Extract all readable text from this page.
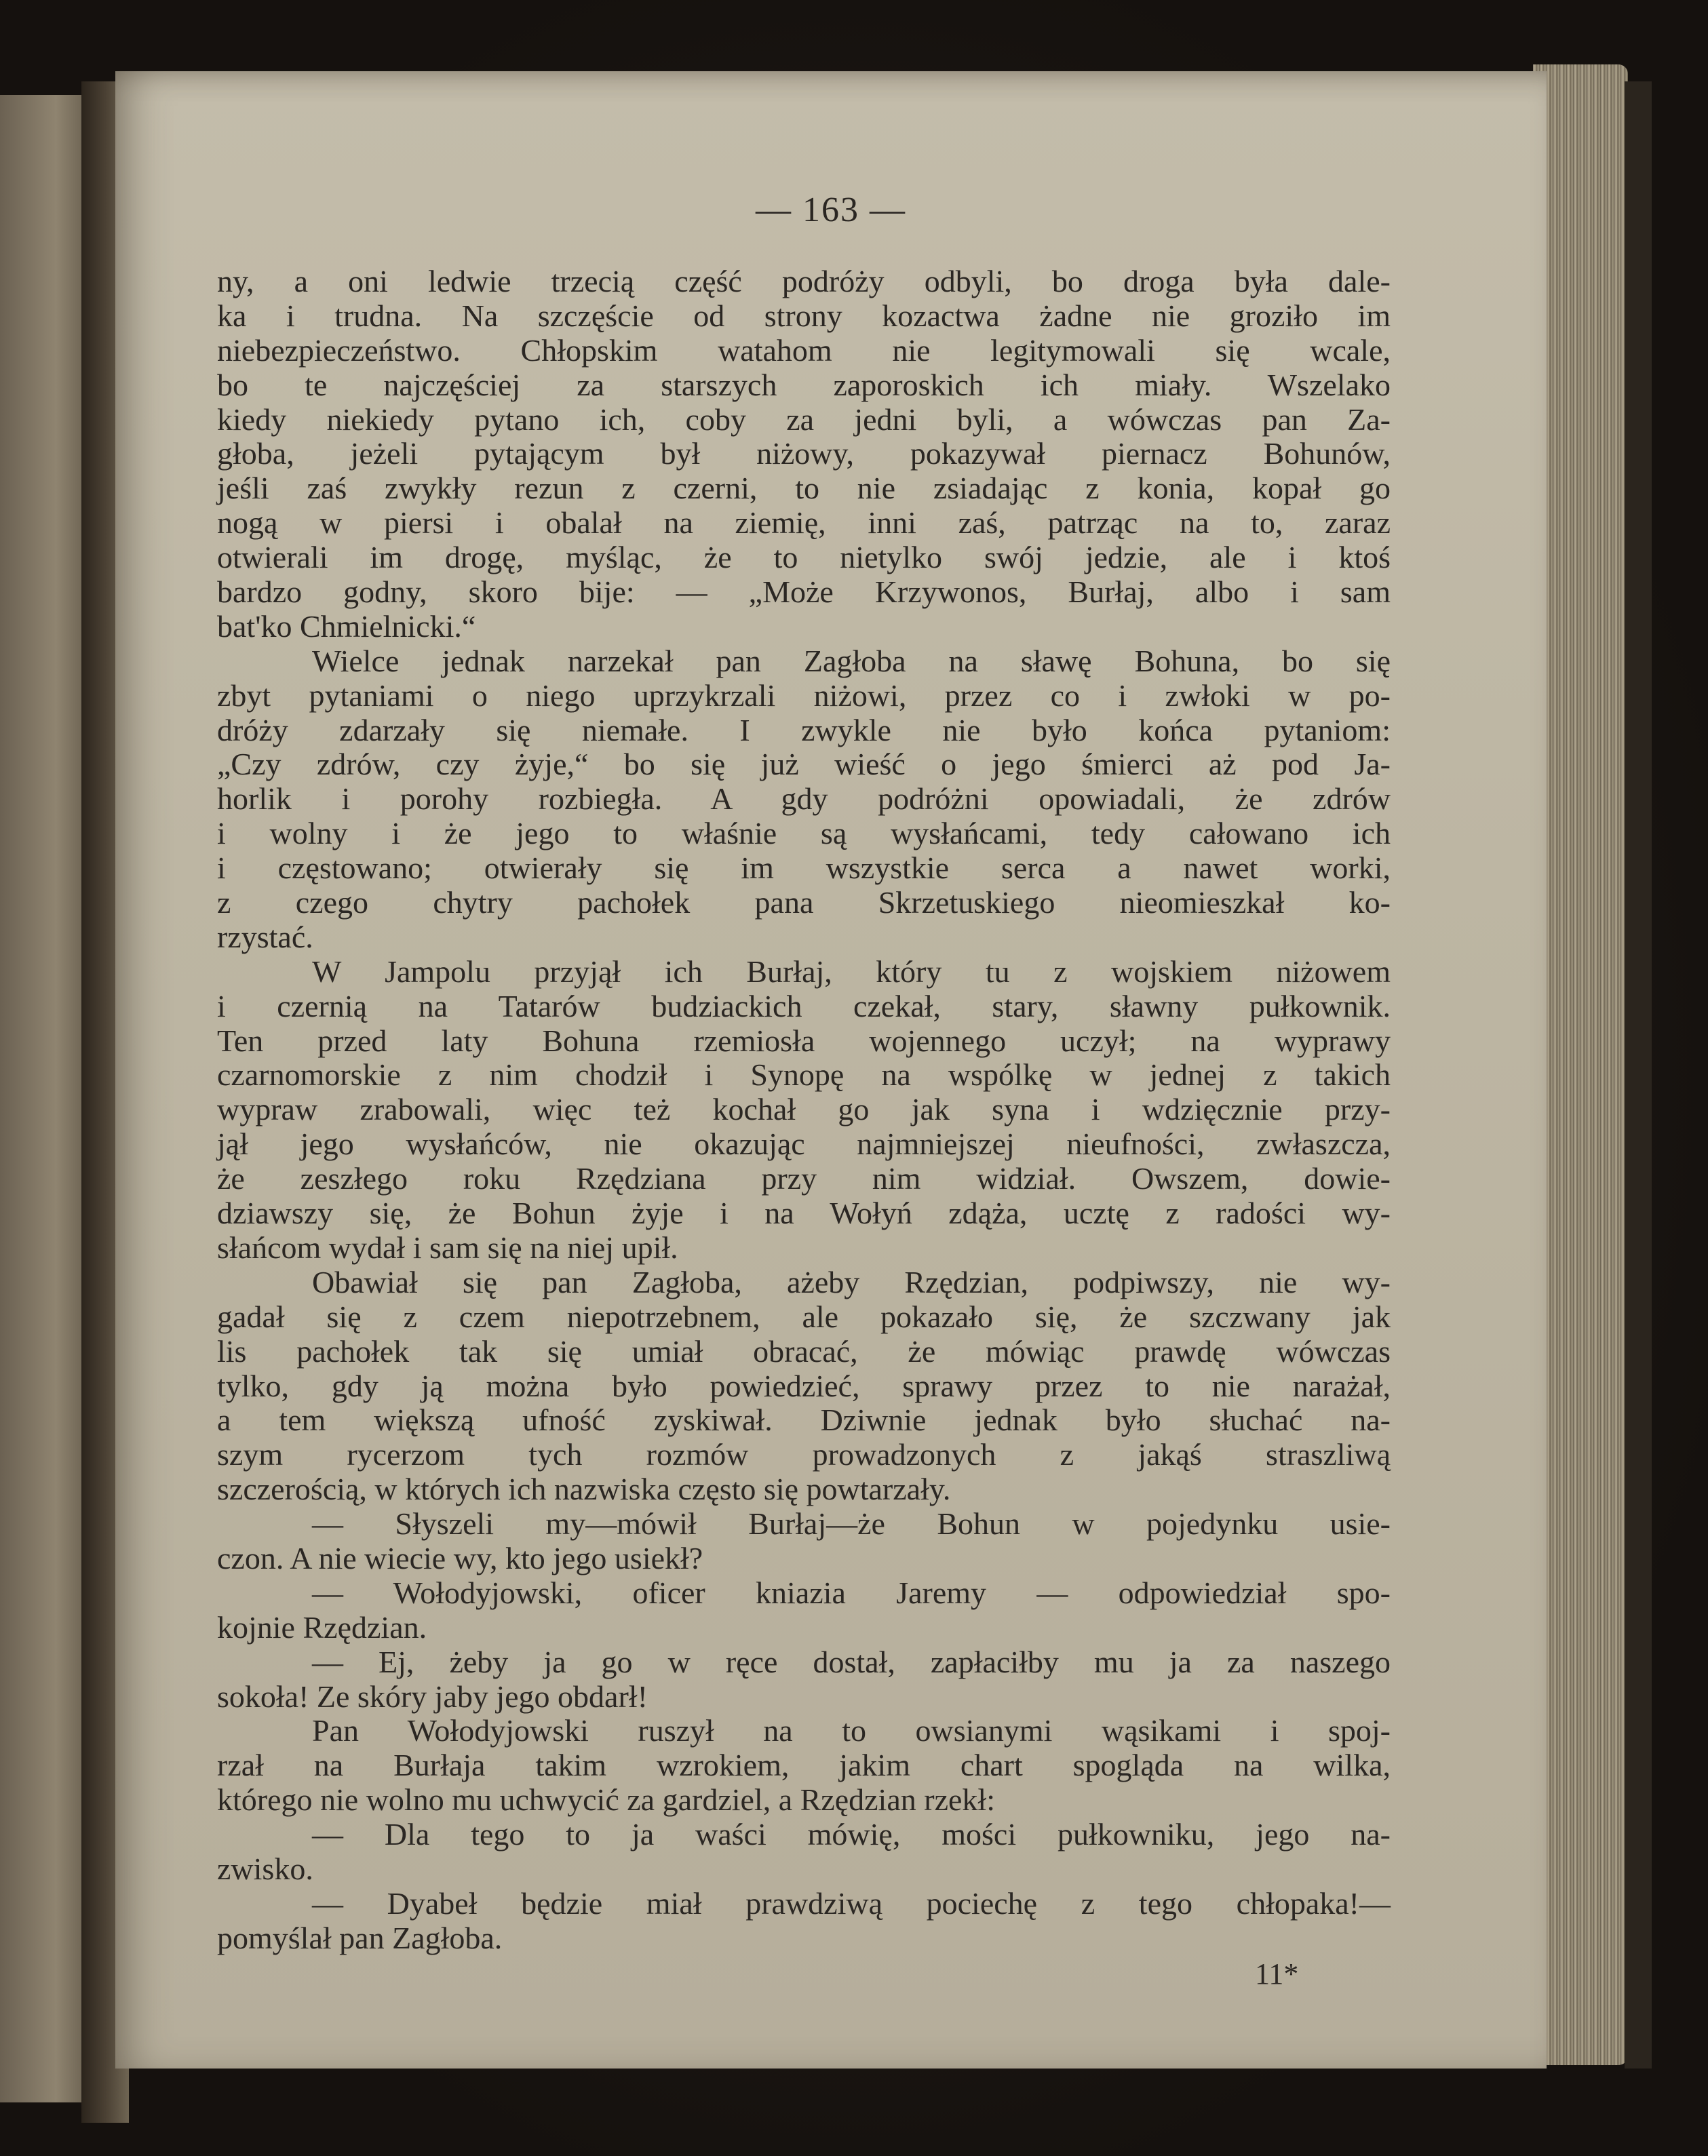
— 163 —
ny, a oni ledwie trzecią część podróży odbyli, bo droga była dale-
ka i trudna. Na szczęście od strony kozactwa żadne nie groziło im
niebezpieczeństwo. Chłopskim watahom nie legitymowali się wcale,
bo te najczęściej za starszych zaporoskich ich miały. Wszelako
kiedy niekiedy pytano ich, coby za jedni byli, a wówczas pan Za-
głoba, jeżeli pytającym był niżowy, pokazywał piernacz Bohunów,
jeśli zaś zwykły rezun z czerni, to nie zsiadając z konia, kopał go
nogą w piersi i obalał na ziemię, inni zaś, patrząc na to, zaraz
otwierali im drogę, myśląc, że to nietylko swój jedzie, ale i ktoś
bardzo godny, skoro bije: — „Może Krzywonos, Burłaj, albo i sam
bat'ko Chmielnicki.“
Wielce jednak narzekał pan Zagłoba na sławę Bohuna, bo się
zbyt pytaniami o niego uprzykrzali niżowi, przez co i zwłoki w po-
dróży zdarzały się niemałe. I zwykle nie było końca pytaniom:
„Czy zdrów, czy żyje,“ bo się już wieść o jego śmierci aż pod Ja-
horlik i porohy rozbiegła. A gdy podróżni opowiadali, że zdrów
i wolny i że jego to właśnie są wysłańcami, tedy całowano ich
i częstowano; otwierały się im wszystkie serca a nawet worki,
z czego chytry pachołek pana Skrzetuskiego nieomieszkał ko-
rzystać.
W Jampolu przyjął ich Burłaj, który tu z wojskiem niżowem
i czernią na Tatarów budziackich czekał, stary, sławny pułkownik.
Ten przed laty Bohuna rzemiosła wojennego uczył; na wyprawy
czarnomorskie z nim chodził i Synopę na wspólkę w jednej z takich
wypraw zrabowali, więc też kochał go jak syna i wdzięcznie przy-
jął jego wysłańców, nie okazując najmniejszej nieufności, zwłaszcza,
że zeszłego roku Rzędziana przy nim widział. Owszem, dowie-
dziawszy się, że Bohun żyje i na Wołyń zdąża, ucztę z radości wy-
słańcom wydał i sam się na niej upił.
Obawiał się pan Zagłoba, ażeby Rzędzian, podpiwszy, nie wy-
gadał się z czem niepotrzebnem, ale pokazało się, że szczwany jak
lis pachołek tak się umiał obracać, że mówiąc prawdę wówczas
tylko, gdy ją można było powiedzieć, sprawy przez to nie narażał,
a tem większą ufność zyskiwał. Dziwnie jednak było słuchać na-
szym rycerzom tych rozmów prowadzonych z jakąś straszliwą
szczerością, w których ich nazwiska często się powtarzały.
— Słyszeli my—mówił Burłaj—że Bohun w pojedynku usie-
czon. A nie wiecie wy, kto jego usiekł?
— Wołodyjowski, oficer kniazia Jaremy — odpowiedział spo-
kojnie Rzędzian.
— Ej, żeby ja go w ręce dostał, zapłaciłby mu ja za naszego
sokoła! Ze skóry jaby jego obdarł!
Pan Wołodyjowski ruszył na to owsianymi wąsikami i spoj-
rzał na Burłaja takim wzrokiem, jakim chart spogląda na wilka,
którego nie wolno mu uchwycić za gardziel, a Rzędzian rzekł:
— Dla tego to ja waści mówię, mości pułkowniku, jego na-
zwisko.
— Dyabeł będzie miał prawdziwą pociechę z tego chłopaka!—
pomyślał pan Zagłoba.
11*
